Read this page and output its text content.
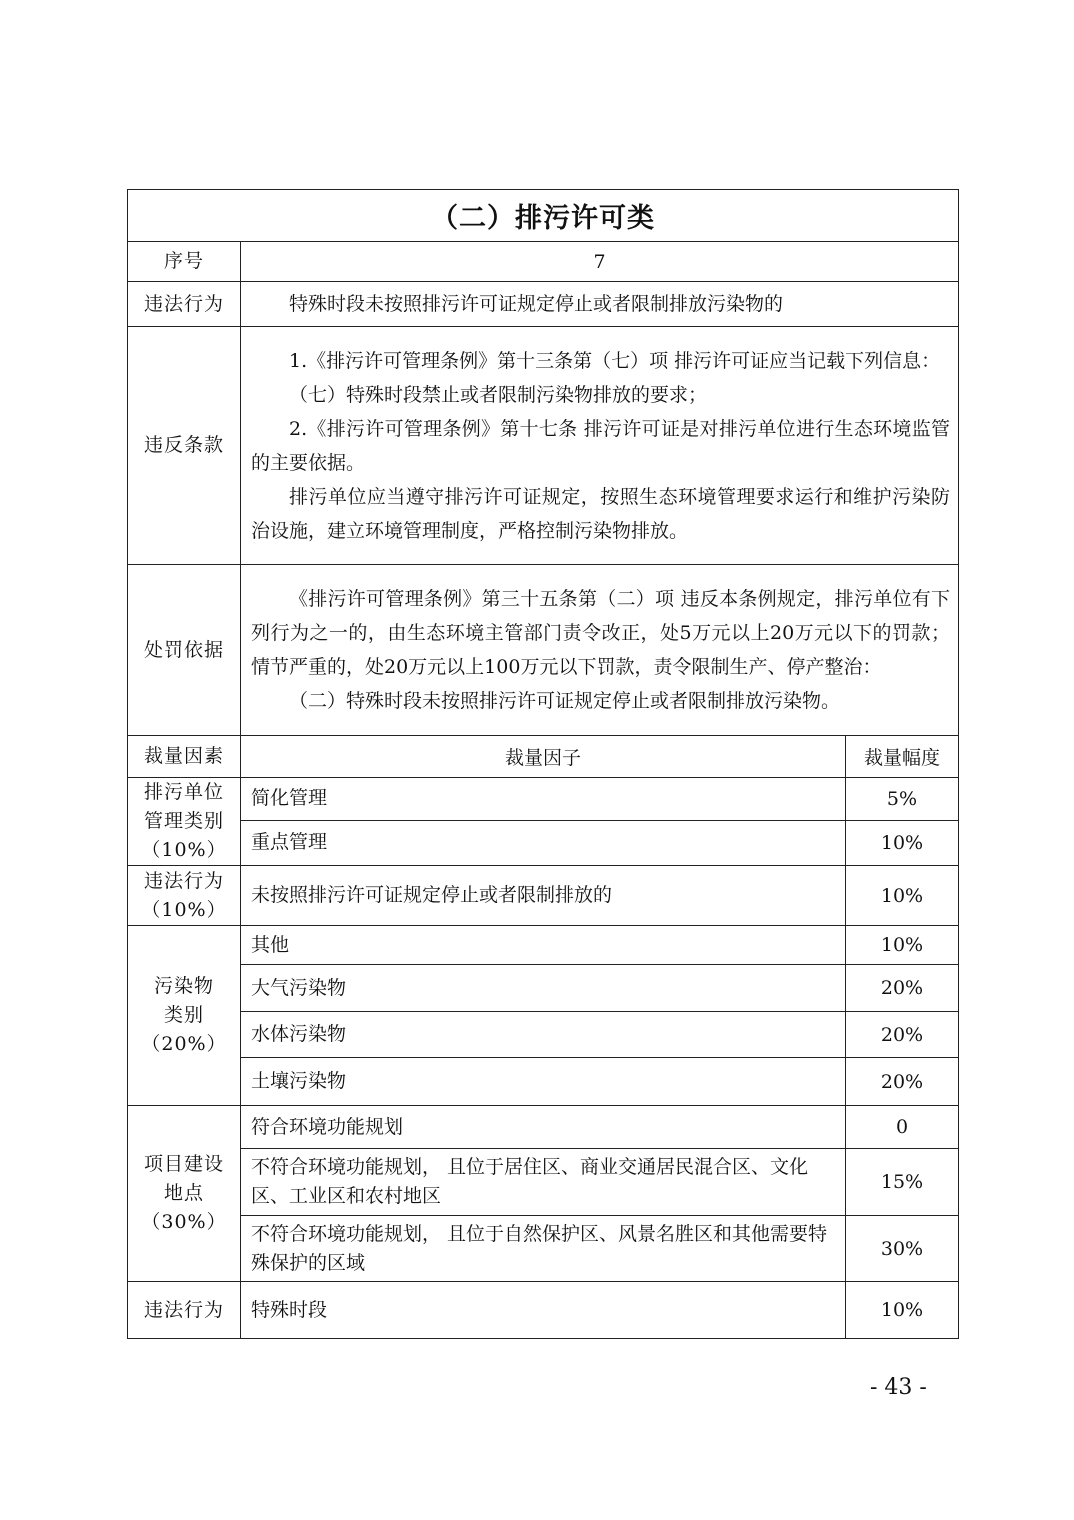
（二）排污许可类		
序号	7	
违法行为	特殊时段未按照排污许可证规定停止或者限制排放污染物的	

违反条款	1.《排污许可管理条例》第十三条第（七）项 排污许可证应当记载下列信息：

（七）特殊时段禁止或者限制污染物排放的要求；

2.《排污许可管理条例》第十七条 排污许可证是对排污单位进行生态环境监管的主要依据。

排污单位应当遵守排污许可证规定，按照生态环境管理要求运行和维护污染防治设施，建立环境管理制度，严格控制污染物排放。	

处罚依据	《排污许可管理条例》第三十五条第（二）项 违反本条例规定，排污单位有下列行为之一的，由生态环境主管部门责令改正，处5万元以上20万元以下的罚款；情节严重的，处20万元以上100万元以下罚款，责令限制生产、停产整治：

（二）特殊时段未按照排污许可证规定停止或者限制排放污染物。	

裁量因素	裁量因子	裁量幅度
排污单位
管理类别
（10%）	简化管理	5%
	重点管理	10%
违法行为
（10%）	未按照排污许可证规定停止或者限制排放的	10%
污染物
类别
（20%）	其他	10%
	大气污染物	20%
	水体污染物	20%
	土壤污染物	20%
项目建设
地点
（30%）	符合环境功能规划	0
	不符合环境功能规划， 且位于居住区、商业交通居民混合区、文化区、工业区和农村地区	15%
	不符合环境功能规划， 且位于自然保护区、风景名胜区和其他需要特殊保护的区域	30%
违法行为	特殊时段	10%
- 43 -
